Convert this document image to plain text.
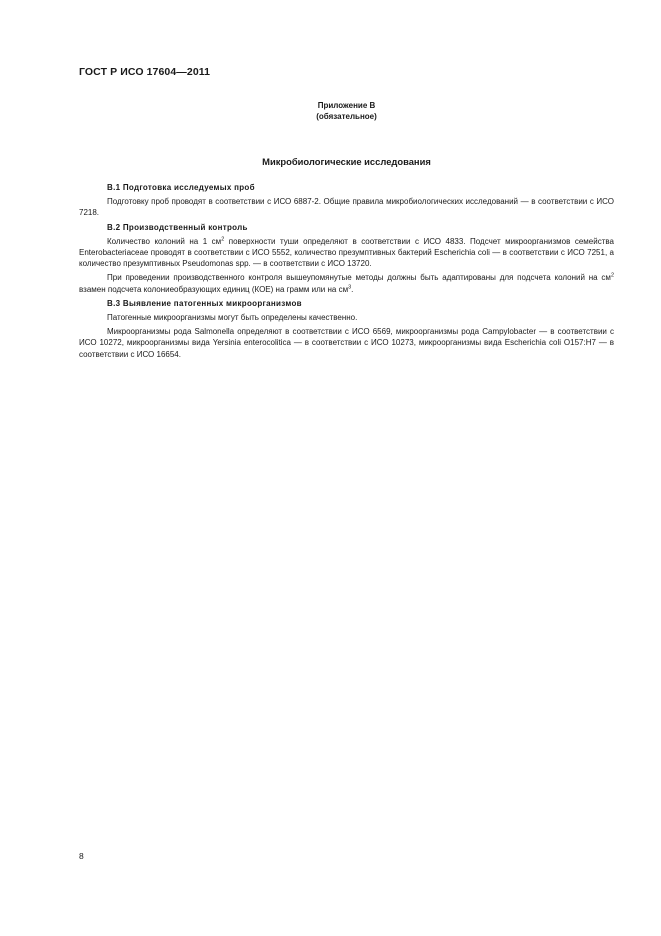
ГОСТ Р ИСО 17604—2011
Приложение В
(обязательное)
Микробиологические исследования

В.1 Подготовка исследуемых проб

Подготовку проб проводят в соответствии с ИСО 6887-2. Общие правила микробиологических исследований — в соответствии с ИСО 7218.

В.2 Производственный контроль

Количество колоний на 1 $см^2$ поверхности туши определяют в соответствии с ИСО 4833. Подсчет микроорганизмов семейства Enterobacteriaceae проводят в соответствии с ИСО 5552, количество презумптивных бактерий Escherichia coli — в соответствии с ИСО 7251, а количество презумптивных Pseudomonas spp. — в соответствии с ИСО 13720.

При проведении производственного контроля вышеупомянутые методы должны быть адаптированы для подсчета колоний на $см^2$ взамен подсчета колониеобразующих единиц (КОЕ) на грамм или на $см^3$.

В.3 Выявление патогенных микроорганизмов

Патогенные микроорганизмы могут быть определены качественно.

Микроорганизмы рода Salmonella определяют в соответствии с ИСО 6569, микроорганизмы рода Campylobacter — в соответствии с ИСО 10272, микроорганизмы вида Yersinia enterocolitica — в соответствии с ИСО 10273, микроорганизмы вида Escherichia coli O157:H7 — в соответствии с ИСО 16654.

8
